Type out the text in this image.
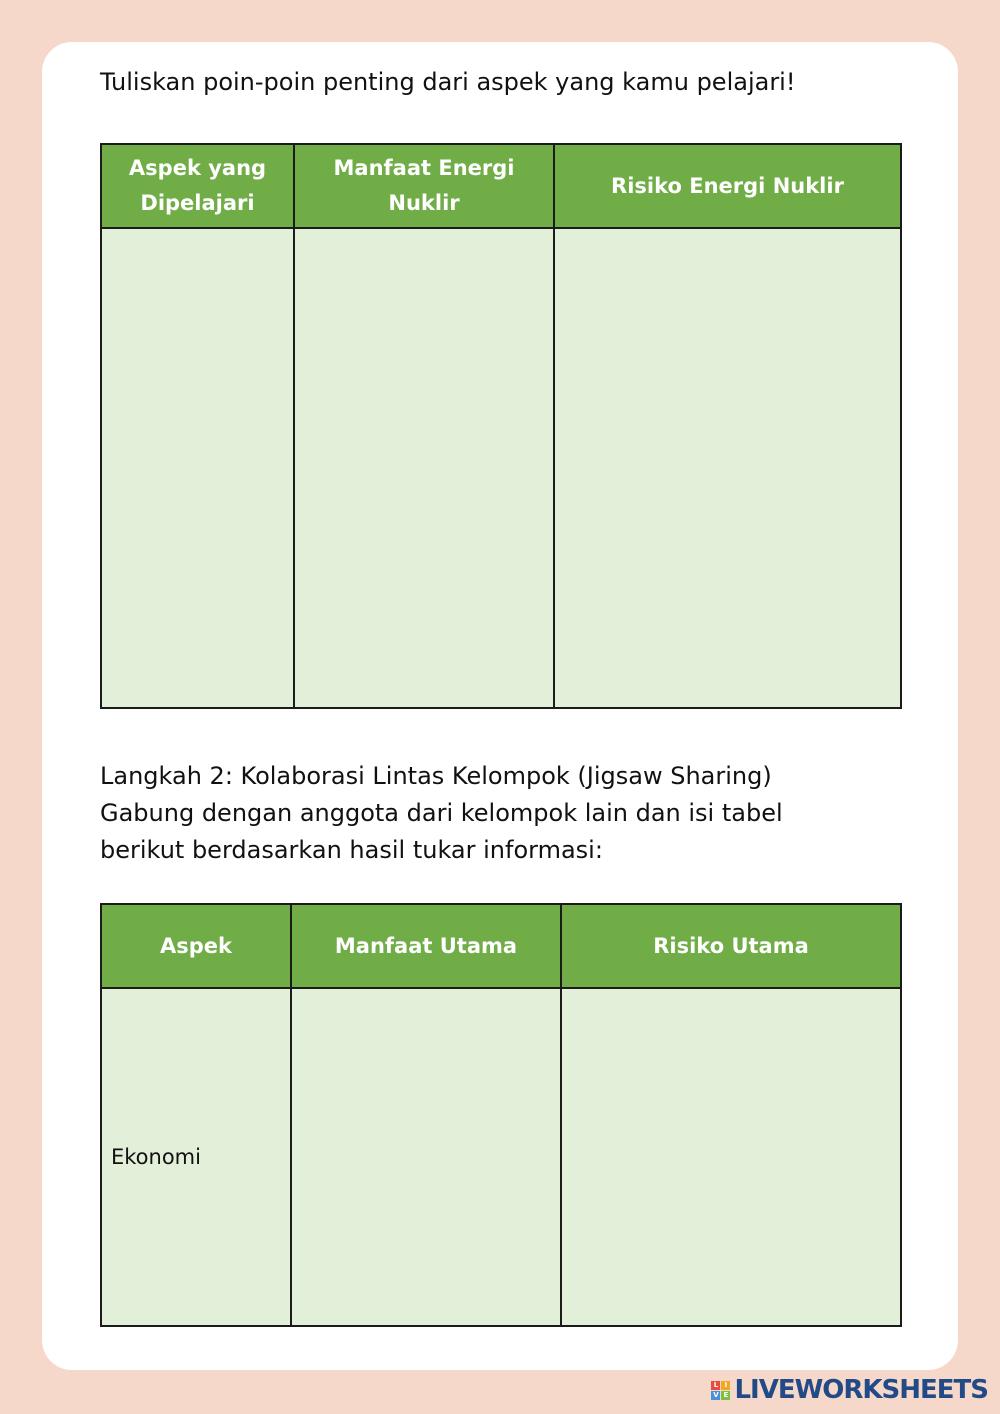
Tuliskan poin-poin penting dari aspek yang kamu pelajari!

Aspek yang Dipelajari	Manfaat Energi Nuklir	Risiko Energi Nuklir

Langkah 2: Kolaborasi Lintas Kelompok (Jigsaw Sharing)
Gabung dengan anggota dari kelompok lain dan isi tabel
berikut berdasarkan hasil tukar informasi:

Aspek	Manfaat Utama	Risiko Utama
Ekonomi		
L I
V E LIVEWORKSHEETS
